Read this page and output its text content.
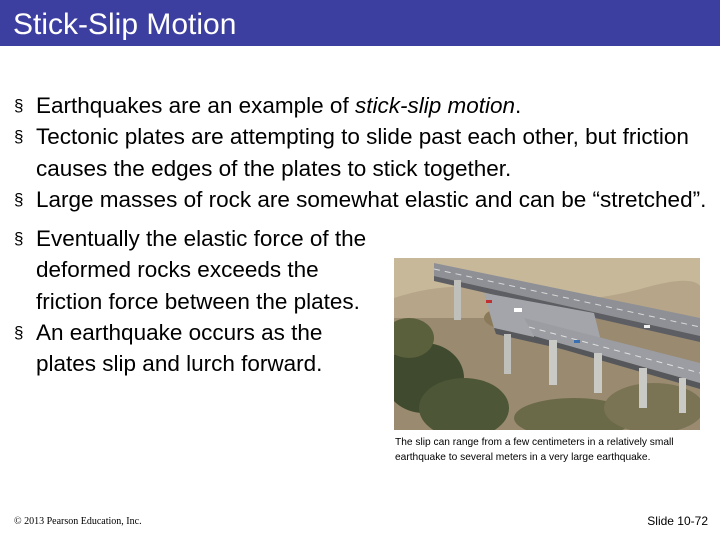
Stick-Slip Motion
§ Earthquakes are an example of stick-slip motion.
§ Tectonic plates are attempting to slide past each other, but friction causes the edges of the plates to stick together.
§ Large masses of rock are somewhat elastic and can be “stretched”.
§ Eventually the elastic force of the deformed rocks exceeds the friction force between the plates.
§ An earthquake occurs as the plates slip and lurch forward.
The slip can range from a few centimeters in a relatively small earthquake to several meters in a very large earthquake.
© 2013 Pearson Education, Inc.	Slide 10-72
